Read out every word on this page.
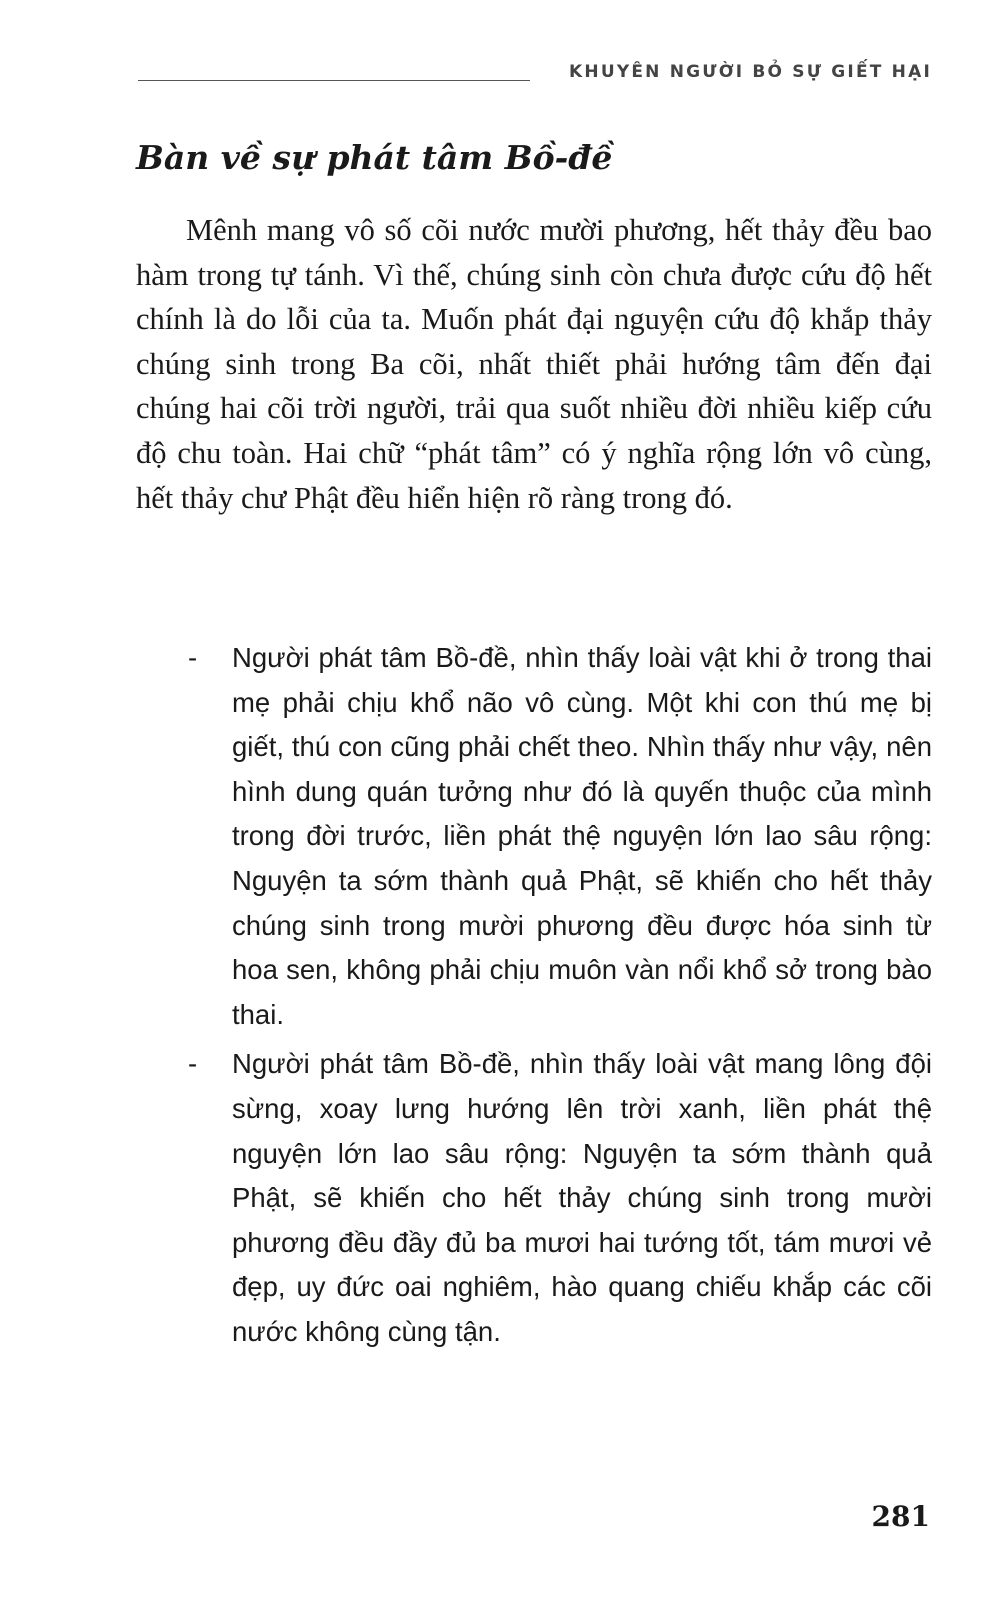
KHUYÊN NGƯỜI BỎ SỰ GIẾT HẠI
Bàn về sự phát tâm Bồ-đề

Mênh mang vô số cõi nước mười phương, hết thảy đều bao hàm trong tự tánh. Vì thế, chúng sinh còn chưa được cứu độ hết chính là do lỗi của ta. Muốn phát đại nguyện cứu độ khắp thảy chúng sinh trong Ba cõi, nhất thiết phải hướng tâm đến đại chúng hai cõi trời người, trải qua suốt nhiều đời nhiều kiếp cứu độ chu toàn. Hai chữ “phát tâm” có ý nghĩa rộng lớn vô cùng, hết thảy chư Phật đều hiển hiện rõ ràng trong đó.

- Người phát tâm Bồ-đề, nhìn thấy loài vật khi ở trong thai mẹ phải chịu khổ não vô cùng. Một khi con thú mẹ bị giết, thú con cũng phải chết theo. Nhìn thấy như vậy, nên hình dung quán tưởng như đó là quyến thuộc của mình trong đời trước, liền phát thệ nguyện lớn lao sâu rộng: Nguyện ta sớm thành quả Phật, sẽ khiến cho hết thảy chúng sinh trong mười phương đều được hóa sinh từ hoa sen, không phải chịu muôn vàn nổi khổ sở trong bào thai.
- Người phát tâm Bồ-đề, nhìn thấy loài vật mang lông đội sừng, xoay lưng hướng lên trời xanh, liền phát thệ nguyện lớn lao sâu rộng: Nguyện ta sớm thành quả Phật, sẽ khiến cho hết thảy chúng sinh trong mười phương đều đầy đủ ba mươi hai tướng tốt, tám mươi vẻ đẹp, uy đức oai nghiêm, hào quang chiếu khắp các cõi nước không cùng tận.
281
